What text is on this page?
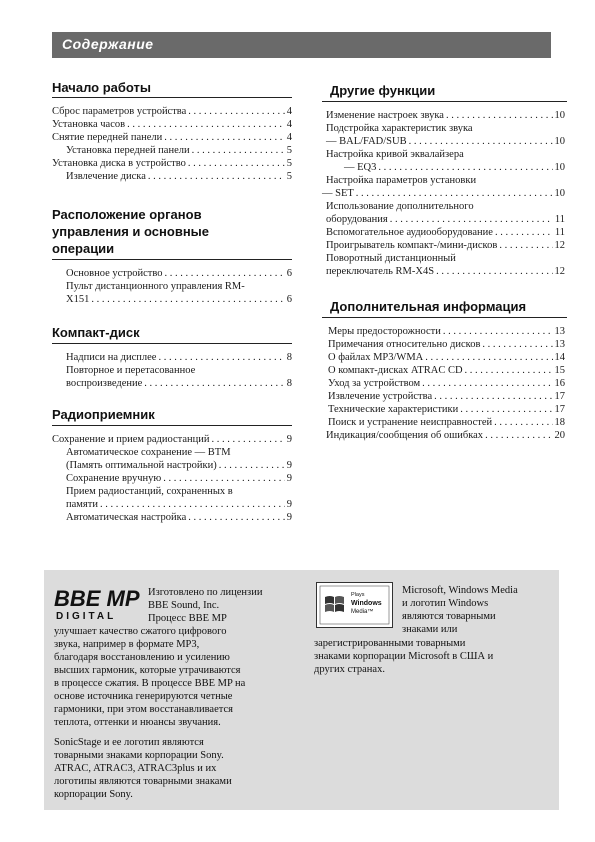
Содержание
Начало работы
Сброс параметров устройства . . .	4
Установка часов . . .	4
Снятие передней панели . . .	4
Установка передней панели . . .	5
Установка диска в устройство . . .	5
Извлечение диска . . .	5
Расположение органов
управления и основные
операции
Основное устройство . . .	6
Пульт дистанционного управления RM-
X151 . . .	6
Компакт-диск
Надписи на дисплее . . .	8
Повторное и перетасованное
воспроизведение . . .	8
Радиоприемник
Сохранение и прием радиостанций . . .	9
Автоматическое сохранение — BTM
(Память оптимальной настройки) . . .	9
Сохранение вручную . . .	9
Прием радиостанций, сохраненных в
памяти . . .	9
Автоматическая настройка . . .	9
Другие функции
Изменение настроек звука . . .	10
Подстройка характеристик звука
— BAL/FAD/SUB . . .	10
Настройка кривой эквалайзера
— EQ3 . . .	10
Настройка параметров установки
— SET . . .	10
Использование дополнительного
оборудования . . .	11
Вспомогательное аудиооборудование . . .	11
Проигрыватель компакт-/мини-дисков . . .	12
Поворотный дистанционный
переключатель RM-X4S . . .	12
Дополнительная информация
Меры предосторожности . . .	13
Примечания относительно дисков . . .	13
О файлах MP3/WMA . . .	14
О компакт-дисках ATRAC CD . . .	15
Уход за устройством . . .	16
Извлечение устройства . . .	17
Технические характеристики . . .	17
Поиск и устранение неисправностей . . .	18
Индикация/сообщения об ошибках . . .	20
BBE MP
DIGITAL
Изготовлено по лицензии
BBE Sound, Inc.
Процесс BBE MP
улучшает качество сжатого цифрового
звука, например в формате MP3,
благодаря восстановлению и усилению
высших гармоник, которые утрачиваются
в процессе сжатия. В процессе BBE MP на
основе источника генерируются четные
гармоники, при этом восстанавливается
теплота, оттенки и нюансы звучания.
SonicStage и ее логотип являются
товарными знаками корпорации Sony.
ATRAC, ATRAC3, ATRAC3plus и их
логотипы являются товарными знаками
корпорации Sony.
Plays
Windows
Media™
Microsoft, Windows Media
и логотип Windows
являются товарными
знаками или
зарегистрированными товарными
знаками корпорации Microsoft в США и
других странах.
